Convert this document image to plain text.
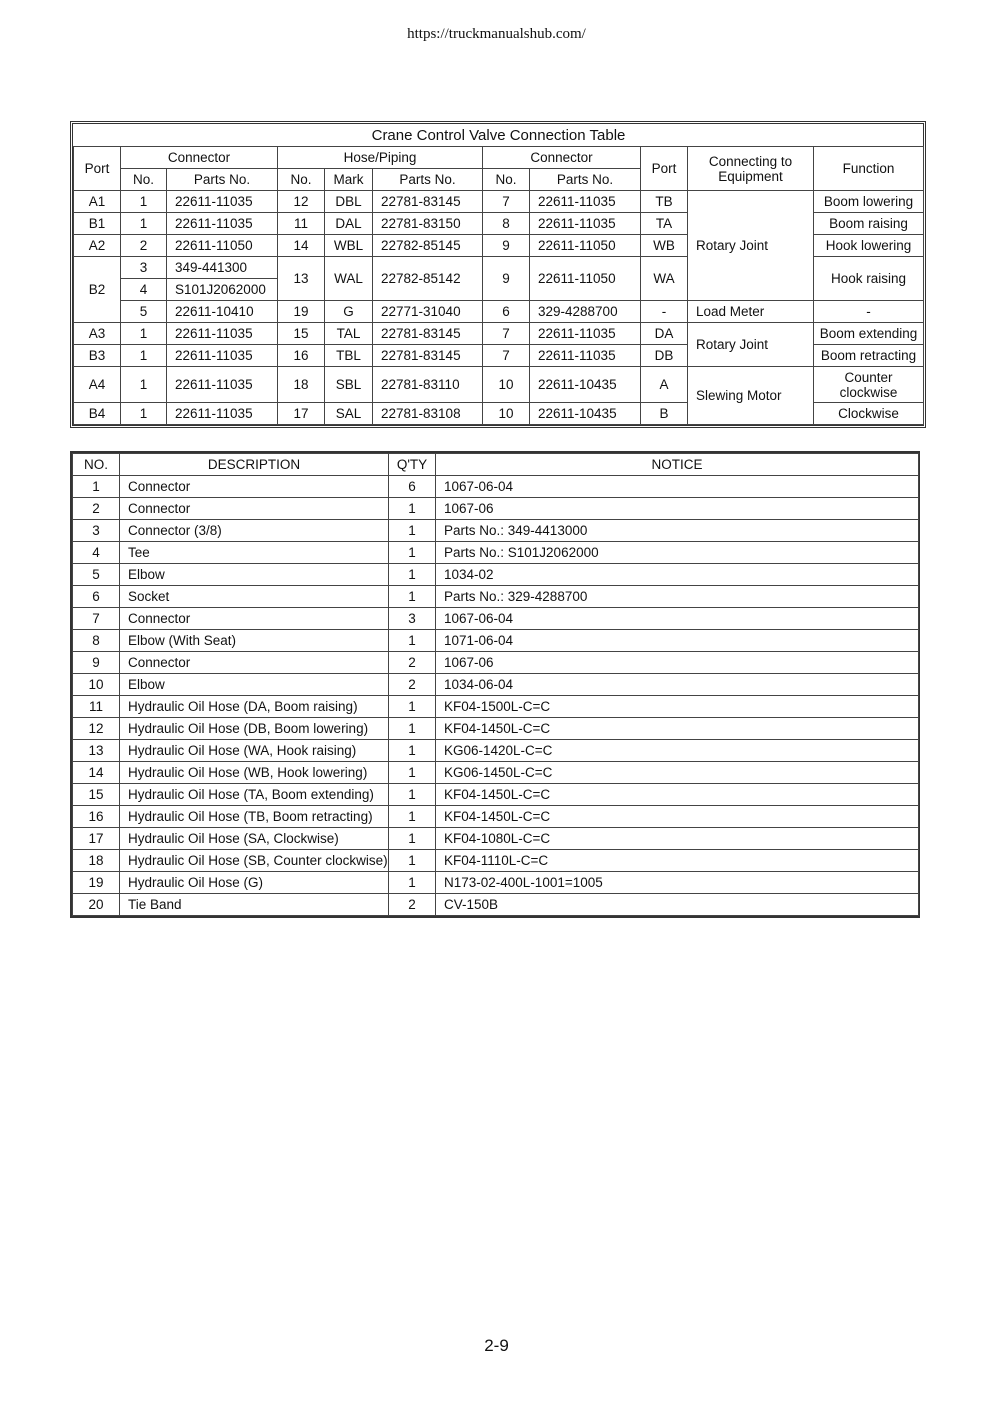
https://truckmanualshub.com/
Crane Control Valve Connection Table										
Port	Connector		Hose/Piping			Connector		Port	Connecting to Equipment	Function
	No.	Parts No.	No.	Mark	Parts No.	No.	Parts No.			
A1	1	22611-11035	12	DBL	22781-83145	7	22611-11035	TB	Rotary Joint	Boom lowering
B1	1	22611-11035	11	DAL	22781-83150	8	22611-11035	TA		Boom raising
A2	2	22611-11050	14	WBL	22782-85145	9	22611-11050	WB		Hook lowering
B2	3	349-441300	13	WAL	22782-85142	9	22611-11050	WA		Hook raising
	4	S101J2062000								
	5	22611-10410	19	G	22771-31040	6	329-4288700	-	Load Meter	-
A3	1	22611-11035	15	TAL	22781-83145	7	22611-11035	DA	Rotary Joint	Boom extending
B3	1	22611-11035	16	TBL	22781-83145	7	22611-11035	DB		Boom retracting
A4	1	22611-11035	18	SBL	22781-83110	10	22611-10435	A	Slewing Motor	Counter clockwise
B4	1	22611-11035	17	SAL	22781-83108	10	22611-10435	B		Clockwise
NO.	DESCRIPTION	Q'TY	NOTICE
1	Connector	6	1067-06-04
2	Connector	1	1067-06
3	Connector (3/8)	1	Parts No.: 349-4413000
4	Tee	1	Parts No.: S101J2062000
5	Elbow	1	1034-02
6	Socket	1	Parts No.: 329-4288700
7	Connector	3	1067-06-04
8	Elbow (With Seat)	1	1071-06-04
9	Connector	2	1067-06
10	Elbow	2	1034-06-04
11	Hydraulic Oil Hose (DA, Boom raising)	1	KF04-1500L-C=C
12	Hydraulic Oil Hose (DB, Boom lowering)	1	KF04-1450L-C=C
13	Hydraulic Oil Hose (WA, Hook raising)	1	KG06-1420L-C=C
14	Hydraulic Oil Hose (WB, Hook lowering)	1	KG06-1450L-C=C
15	Hydraulic Oil Hose (TA, Boom extending)	1	KF04-1450L-C=C
16	Hydraulic Oil Hose (TB, Boom retracting)	1	KF04-1450L-C=C
17	Hydraulic Oil Hose (SA, Clockwise)	1	KF04-1080L-C=C
18	Hydraulic Oil Hose (SB, Counter clockwise)	1	KF04-1110L-C=C
19	Hydraulic Oil Hose (G)	1	N173-02-400L-1001=1005
20	Tie Band	2	CV-150B
2-9
